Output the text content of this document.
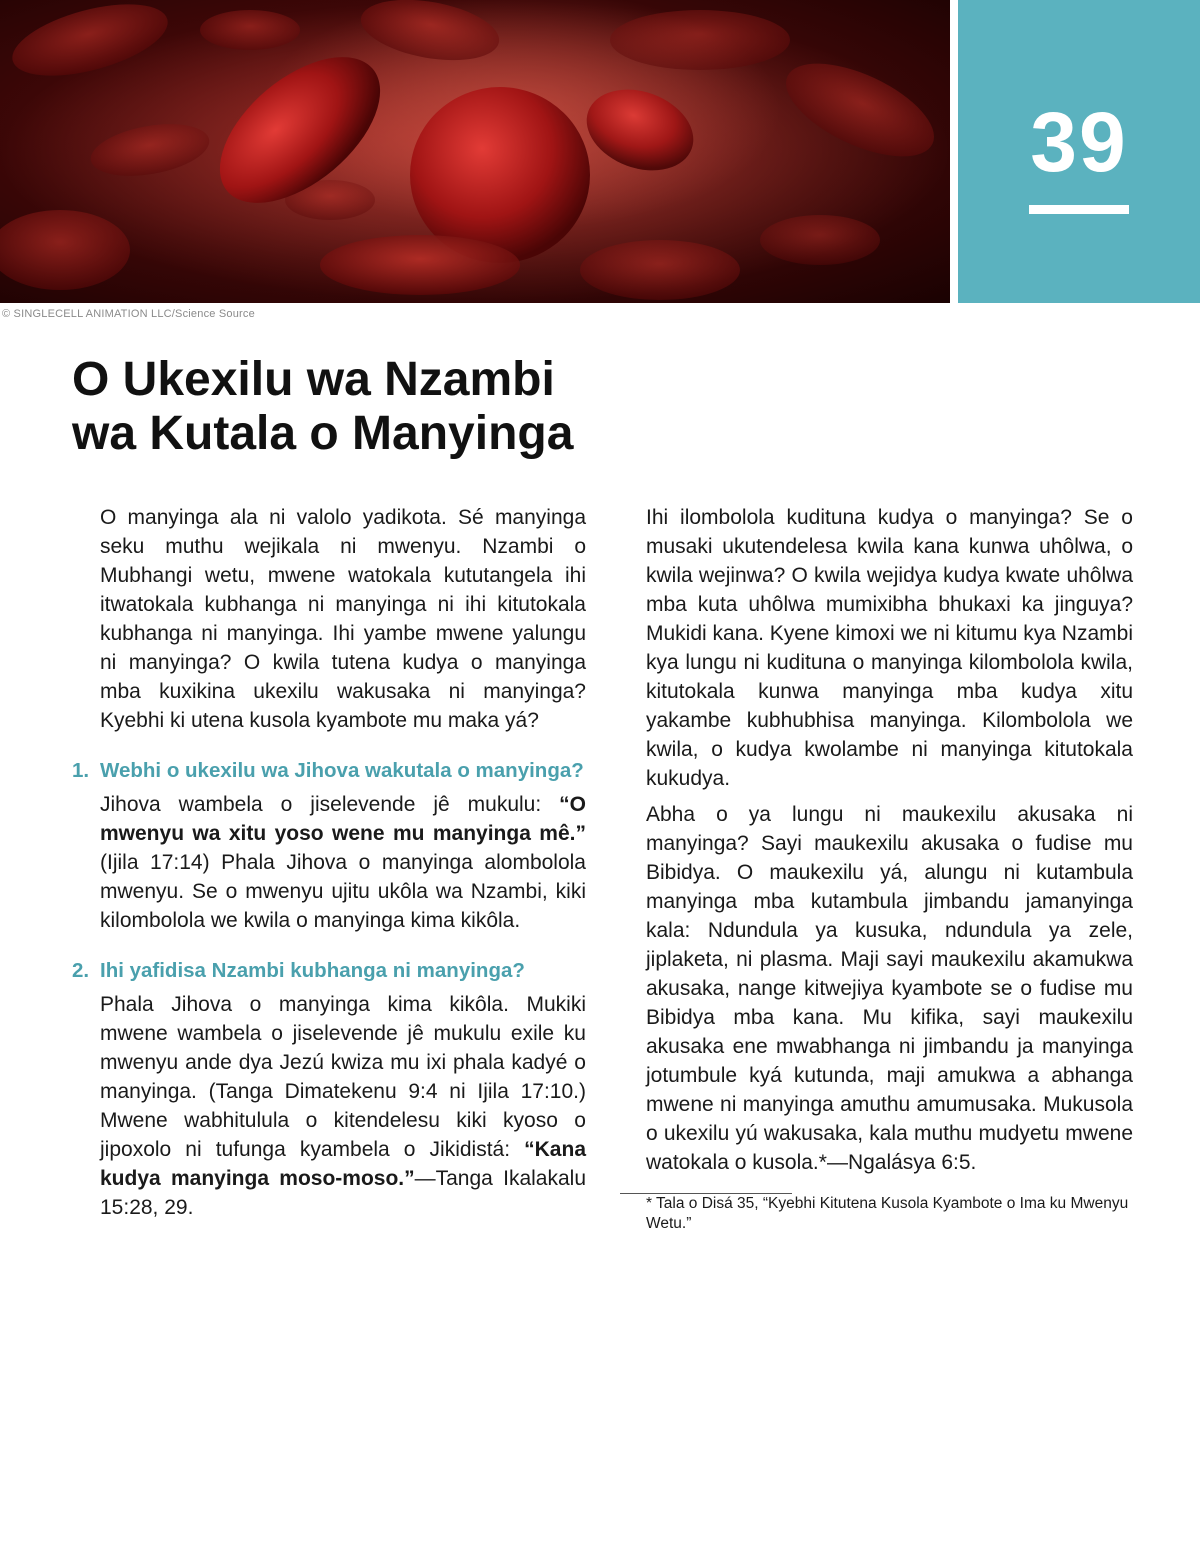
39
© SINGLECELL ANIMATION LLC/Science Source
O Ukexilu wa Nzambi
wa Kutala o Manyinga

O manyinga ala ni valolo yadikota. Sé manyinga seku muthu wejikala ni mwenyu. Nzambi o Mubhangi wetu, mwene watokala kututangela ihi itwatokala kubhanga ni manyinga ni ihi kitutokala kubhanga ni manyinga. Ihi yambe mwene yalungu ni manyinga? O kwila tutena kudya o manyinga mba kuxikina ukexilu wakusaka ni manyinga? Kyebhi ki utena kusola kyambote mu maka yá?

1. Webhi o ukexilu wa Jihova wakutala o manyinga?

Jihova wambela o jiselevende jê mukulu: “O mwenyu wa xitu yoso wene mu manyinga mê.” (Ijila 17:14) Phala Jihova o manyinga alombolola mwenyu. Se o mwenyu ujitu ukôla wa Nzambi, kiki kilombolola we kwila o manyinga kima kikôla.

2. Ihi yafidisa Nzambi kubhanga ni manyinga?

Phala Jihova o manyinga kima kikôla. Mukiki mwene wambela o jiselevende jê mukulu exile ku mwenyu ande dya Jezú kwiza mu ixi phala kadyé o manyinga. (Tanga Dimatekenu 9:4 ni Ijila 17:10.) Mwene wabhitulula o kitendelesu kiki kyoso o jipoxolo ni tufunga kyambela o Jikidistá: “Kana kudya manyinga moso-moso.”—Tanga Ikalakalu 15:28, 29.

Ihi ilombolola kudituna kudya o manyinga? Se o musaki ukutendelesa kwila kana kunwa uhôlwa, o kwila wejinwa? O kwila wejidya kudya kwate uhôlwa mba kuta uhôlwa mumixibha bhukaxi ka jinguya? Mukidi kana. Kyene kimoxi we ni kitumu kya Nzambi kya lungu ni kudituna o manyinga kilombolola kwila, kitutokala kunwa manyinga mba kudya xitu yakambe kubhubhisa manyinga. Kilombolola we kwila, o kudya kwolambe ni manyinga kitutokala kukudya.

Abha o ya lungu ni maukexilu akusaka ni manyinga? Sayi maukexilu akusaka o fudise mu Bibidya. O maukexilu yá, alungu ni kutambula manyinga mba kutambula jimbandu jamanyinga kala: Ndundula ya kusuka, ndundula ya zele, jiplaketa, ni plasma. Maji sayi maukexilu akamukwa akusaka, nange kitwejiya kyambote se o fudise mu Bibidya mba kana. Mu kifika, sayi maukexilu akusaka ene mwabhanga ni jimbandu ja manyinga jotumbule kyá kutunda, maji amukwa a abhanga mwene ni manyinga amuthu amumusaka. Mukusola o ukexilu yú wakusaka, kala muthu mudyetu mwene watokala o kusola.*—Ngalásya 6:5.

* Tala o Disá 35, “Kyebhi Kitutena Kusola Kyambote o Ima ku Mwenyu Wetu.”
